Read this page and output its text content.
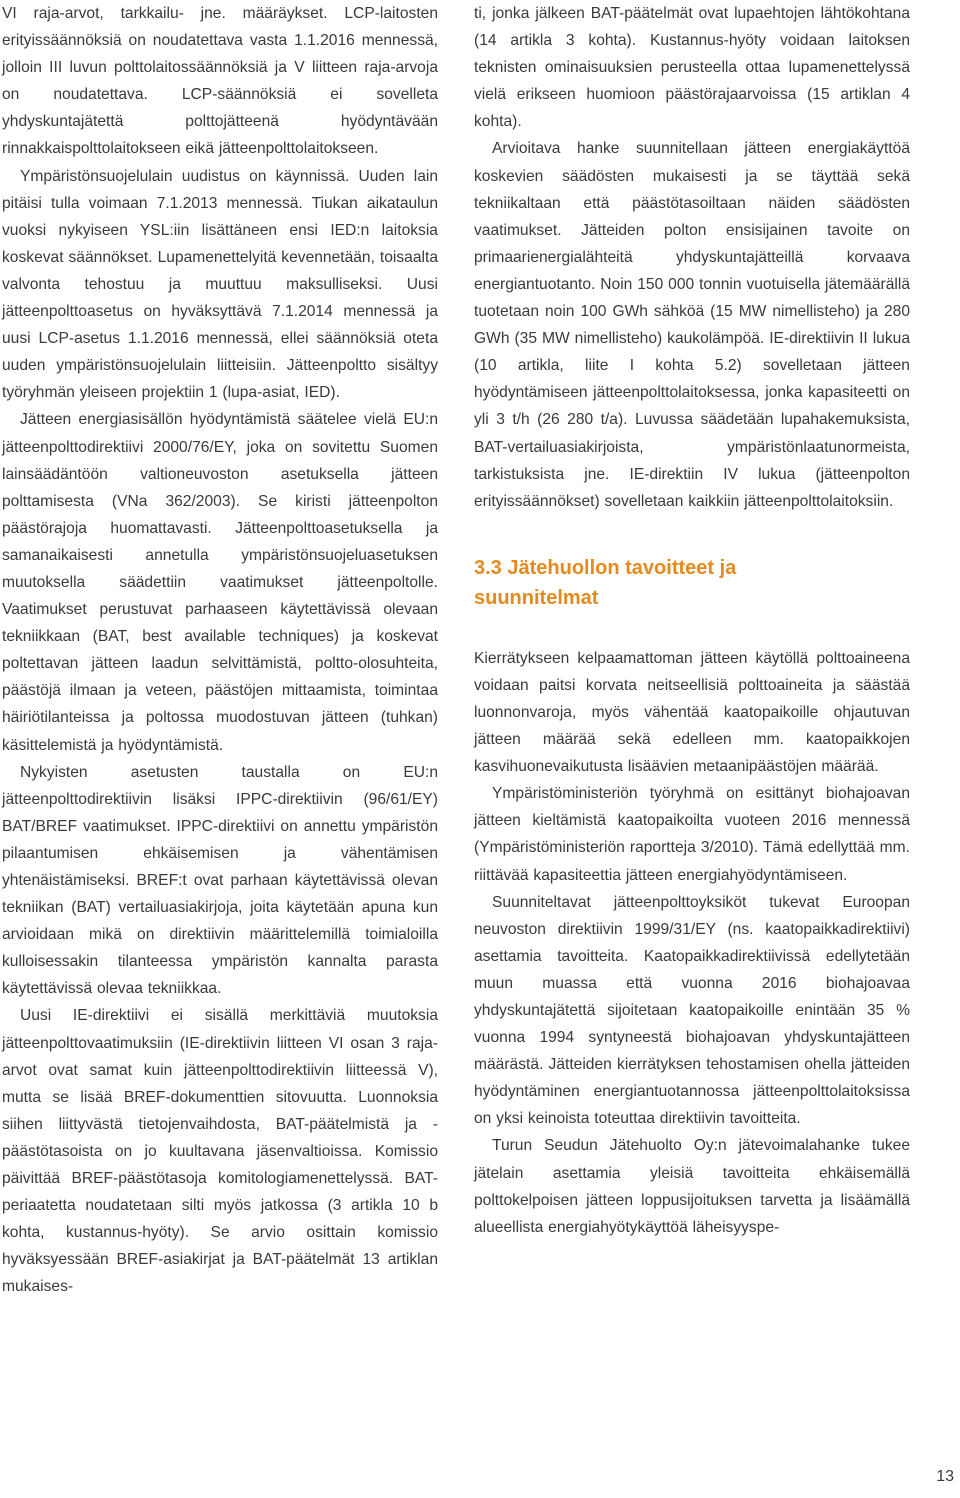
VI raja-arvot, tarkkailu- jne. määräykset. LCP-laitosten erityissäännöksiä on noudatettava vasta 1.1.2016 mennessä, jolloin III luvun polttolaitossäännöksiä ja V liitteen raja-arvoja on noudatettava. LCP-säännöksiä ei sovelleta yhdyskuntajätettä polttojätteenä hyödyntävään rinnakkaispolttolaitokseen eikä jätteenpolttolaitokseen.

Ympäristönsuojelulain uudistus on käynnissä. Uuden lain pitäisi tulla voimaan 7.1.2013 mennessä. Tiukan aikataulun vuoksi nykyiseen YSL:iin lisättäneen ensi IED:n laitoksia koskevat säännökset. Lupamenettelyitä kevennetään, toisaalta valvonta tehostuu ja muuttuu maksulliseksi. Uusi jätteenpolttoasetus on hyväksyttävä 7.1.2014 mennessä ja uusi LCP-asetus 1.1.2016 mennessä, ellei säännöksiä oteta uuden ympäristönsuojelulain liitteisiin. Jätteenpoltto sisältyy työryhmän yleiseen projektiin 1 (lupa-asiat, IED).

Jätteen energiasisällön hyödyntämistä säätelee vielä EU:n jätteenpolttodirektiivi 2000/76/EY, joka on sovitettu Suomen lainsäädäntöön valtioneuvoston asetuksella jätteen polttamisesta (VNa 362/2003). Se kiristi jätteenpolton päästörajoja huomattavasti. Jätteenpolttoasetuksella ja samanaikaisesti annetulla ympäristönsuojeluasetuksen muutoksella säädettiin vaatimukset jätteenpoltolle. Vaatimukset perustuvat parhaaseen käytettävissä olevaan tekniikkaan (BAT, best available techniques) ja koskevat poltettavan jätteen laadun selvittämistä, poltto-olosuhteita, päästöjä ilmaan ja veteen, päästöjen mittaamista, toimintaa häiriötilanteissa ja poltossa muodostuvan jätteen (tuhkan) käsittelemistä ja hyödyntämistä.

Nykyisten asetusten taustalla on EU:n jätteenpolttodirektiivin lisäksi IPPC-direktiivin (96/61/EY) BAT/BREF vaatimukset. IPPC-direktiivi on annettu ympäristön pilaantumisen ehkäisemisen ja vähentämisen yhtenäistämiseksi. BREF:t ovat parhaan käytettävissä olevan tekniikan (BAT) vertailuasiakirjoja, joita käytetään apuna kun arvioidaan mikä on direktiivin määrittelemillä toimialoilla kulloisessakin tilanteessa ympäristön kannalta parasta käytettävissä olevaa tekniikkaa.

Uusi IE-direktiivi ei sisällä merkittäviä muutoksia jätteenpolttovaatimuksiin (IE-direktiivin liitteen VI osan 3 raja-arvot ovat samat kuin jätteenpolttodirektiivin liitteessä V), mutta se lisää BREF-dokumenttien sitovuutta. Luonnoksia siihen liittyvästä tietojenvaihdosta, BAT-päätelmistä ja -päästötasoista on jo kuultavana jäsenvaltioissa. Komissio päivittää BREF-päästötasoja komitologiamenettelyssä. BAT-periaatetta noudatetaan silti myös jatkossa (3 artikla 10 b kohta, kustannus-hyöty). Se arvio osittain komissio hyväksyessään BREF-asiakirjat ja BAT-päätelmät 13 artiklan mukaises-

ti, jonka jälkeen BAT-päätelmät ovat lupaehtojen lähtökohtana (14 artikla 3 kohta). Kustannus-hyöty voidaan laitoksen teknisten ominaisuuksien perusteella ottaa lupamenettelyssä vielä erikseen huomioon päästörajaarvoissa (15 artiklan 4 kohta).

Arvioitava hanke suunnitellaan jätteen energiakäyttöä koskevien säädösten mukaisesti ja se täyttää sekä tekniikaltaan että päästötasoiltaan näiden säädösten vaatimukset. Jätteiden polton ensisijainen tavoite on primaarienergialähteitä yhdyskuntajätteillä korvaava energiantuotanto. Noin 150 000 tonnin vuotuisella jätemäärällä tuotetaan noin 100 GWh sähköä (15 MW nimellisteho) ja 280 GWh (35 MW nimellisteho) kaukolämpöä. IE-direktiivin II lukua (10 artikla, liite I kohta 5.2) sovelletaan jätteen hyödyntämiseen jätteenpolttolaitoksessa, jonka kapasiteetti on yli 3 t/h (26 280 t/a). Luvussa säädetään lupahakemuksista, BAT-vertailuasiakirjoista, ympäristönlaatunormeista, tarkistuksista jne. IE-direktiin IV lukua (jätteenpolton erityissäännökset) sovelletaan kaikkiin jätteenpolttolaitoksiin.

3.3 Jätehuollon tavoitteet ja suunnitelmat

Kierrätykseen kelpaamattoman jätteen käytöllä polttoaineena voidaan paitsi korvata neitseellisiä polttoaineita ja säästää luonnonvaroja, myös vähentää kaatopaikoille ohjautuvan jätteen määrää sekä edelleen mm. kaatopaikkojen kasvihuonevaikutusta lisäävien metaanipäästöjen määrää.

Ympäristöministeriön työryhmä on esittänyt biohajoavan jätteen kieltämistä kaatopaikoilta vuoteen 2016 mennessä (Ympäristöministeriön raportteja 3/2010). Tämä edellyttää mm. riittävää kapasiteettia jätteen energiahyödyntämiseen.

Suunniteltavat jätteenpolttoyksiköt tukevat Euroopan neuvoston direktiivin 1999/31/EY (ns. kaatopaikkadirektiivi) asettamia tavoitteita. Kaatopaikkadirektiivissä edellytetään muun muassa että vuonna 2016 biohajoavaa yhdyskuntajätettä sijoitetaan kaatopaikoille enintään 35 % vuonna 1994 syntyneestä biohajoavan yhdyskuntajätteen määrästä. Jätteiden kierrätyksen tehostamisen ohella jätteiden hyödyntäminen energiantuotannossa jätteenpolttolaitoksissa on yksi keinoista toteuttaa direktiivin tavoitteita.

Turun Seudun Jätehuolto Oy:n jätevoimalahanke tukee jätelain asettamia yleisiä tavoitteita ehkäisemällä polttokelpoisen jätteen loppusijoituksen tarvetta ja lisäämällä alueellista energiahyötykäyttöä läheisyyspe-

13
